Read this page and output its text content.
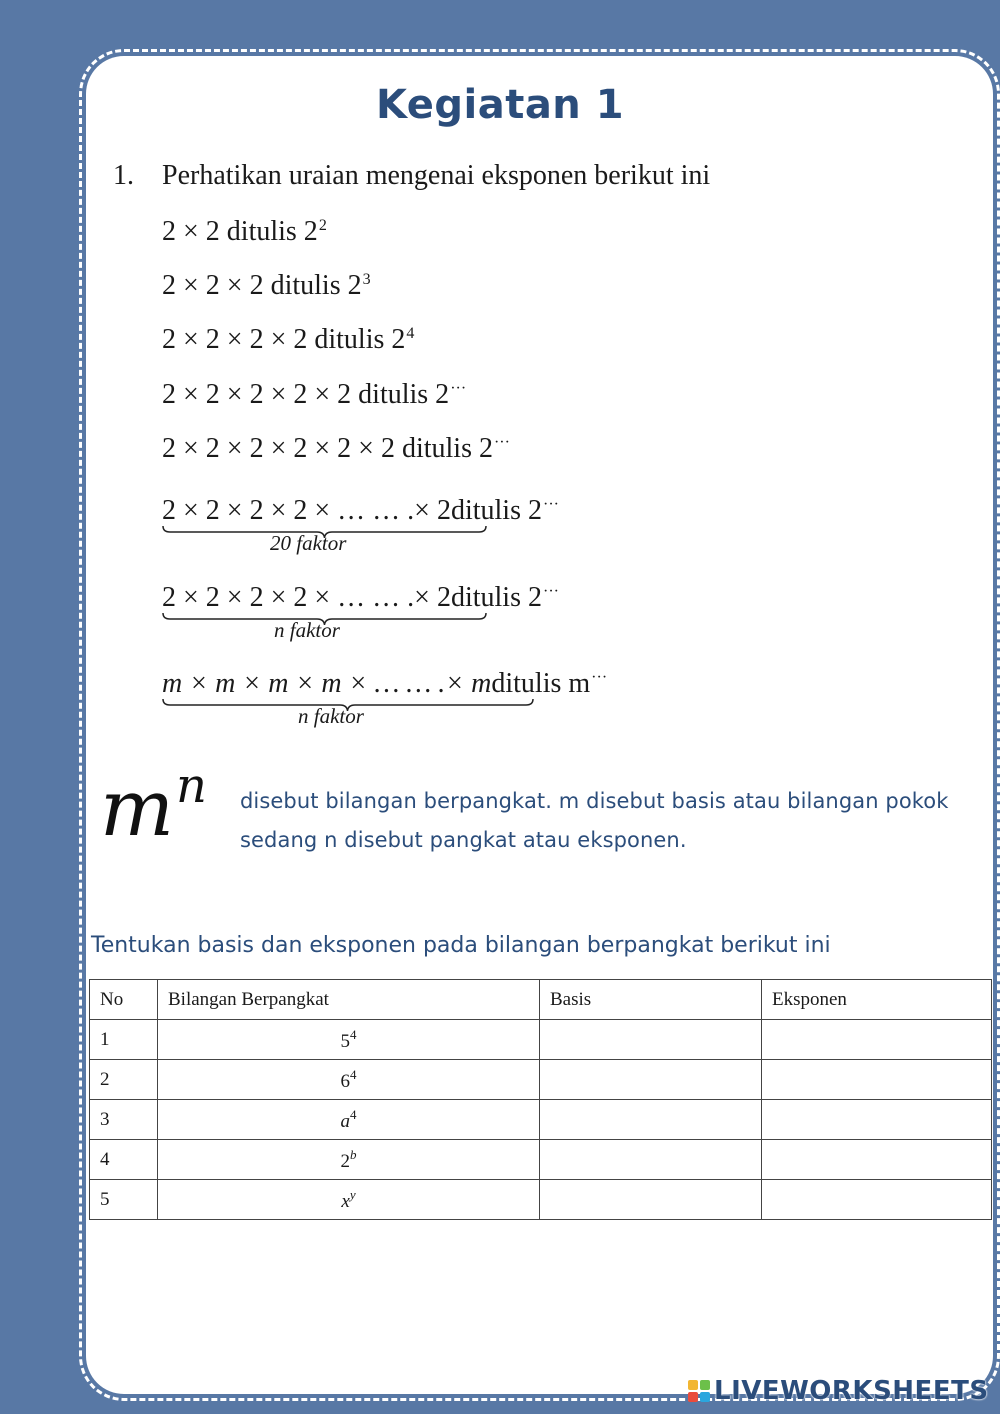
Kegiatan 1
1. Perhatikan uraian mengenai eksponen berikut ini
2 × 2 ditulis $2^2$
2 × 2 × 2 ditulis $2^3$
2 × 2 × 2 × 2 ditulis $2^4$
2 × 2 × 2 × 2 × 2 ditulis 2···
2 × 2 × 2 × 2 × 2 × 2 ditulis 2···
2 × 2 × 2 × 2 × … … .× 2ditulis 2···
20 faktor
2 × 2 × 2 × 2 × … … .× 2ditulis 2···
n faktor
m × m × m × m × … … .× mditulis m···
n faktor
m n disebut bilangan berpangkat. m disebut basis atau bilangan pokok sedang n disebut pangkat atau eksponen.
Tentukan basis dan eksponen pada bilangan berpangkat berikut ini
No	Bilangan Berpangkat	Basis	Eksponen
1	$5^4$		
2	$6^4$		
3	$a^4$		
4	2$^b$		
5	$x^y$		
LIVEWORKSHEETS
